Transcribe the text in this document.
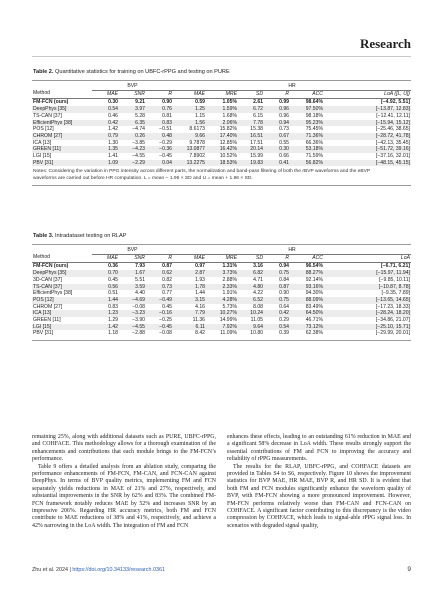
Research
Table 2. Quantitative statistics for training on UBFC-rPPG and testing on PURE
	BVP			HR					
Method	MAE	SNR	R	MAE	MRE	SD	R	ACC	LoA ([L, U])
FM-FCN (ours)	0.30	9.21	0.90	0.59	1.05%	2.61	0.99	98.64%	[−4.92, 5.51]
DeepPhys [35]	0.54	3.97	0.76	1.25	1.59%	6.72	0.96	97.50%	[−13.87, 12.83]
TS-CAN [37]	0.46	5.28	0.81	1.15	1.68%	6.15	0.96	98.18%	[−12.41, 12.11]
EfficientPhys [38]	0.42	6.35	0.83	1.56	2.06%	7.78	0.94	95.23%	[−15.94, 15.12]
POS [12]	1.42	−4.74	−0.51	8.6173	15.82%	15.38	0.73	75.45%	[−25.46, 38.65]
CHROM [27]	0.79	0.26	0.48	9.66	17.40%	16.51	0.67	71.36%	[−28.72, 41.78]
ICA [13]	1.30	−3.85	−0.29	9.7878	12.85%	17.51	0.55	66.36%	[−42.13, 35.45]
GREEN [11]	1.35	−4.23	−0.36	13.0877	16.42%	20.14	0.30	53.18%	[−51.72, 39.16]
LGI [15]	1.41	−4.55	−0.45	7.8902	10.52%	15.99	0.66	71.59%	[−37.16, 32.01]
PBV [31]	1.09	−2.29	0.04	13.2275	18.53%	19.83	0.41	56.82%	[−48.15, 45.15]
Notes: Considering the variation in PPG intensity across different parts, the normalization and band-pass filtering of both the rBVP waveforms and the eBVP
waveforms are carried out before HR computation. L = mean − 1.96 × SD and U = mean + 1.96 × SD.
Table 3. Intradataset testing on RLAP
	BVP			HR					
Method	MAE	SNR	R	MAE	MRE	SD	R	ACC	LoA
FM-FCN (ours)	0.36	7.93	0.87	0.97	1.31%	3.16	0.94	96.54%	[−6.71, 6.21]
DeepPhys [35]	0.70	1.67	0.62	2.87	3.73%	6.82	0.75	88.27%	[−15.97, 11.94]
3D-CAN [37]	0.45	5.51	0.82	1.93	2.88%	4.71	0.84	92.14%	[−9.85, 10.11]
TS-CAN [37]	0.56	3.59	0.73	1.78	2.33%	4.80	0.87	93.16%	[−10.87, 8.78]
EfficientPhys [38]	0.51	4.40	0.77	1.44	1.91%	4.22	0.90	94.30%	[−9.35, 7.89]
POS [12]	1.44	−4.69	−0.49	3.15	4.28%	6.52	0.75	88.09%	[−13.65, 14.65]
CHROM [27]	0.83	−0.08	0.45	4.16	5.73%	8.08	0.64	83.49%	[−17.23, 18.33]
ICA [13]	1.23	−3.23	−0.16	7.79	10.27%	10.24	0.42	64.50%	[−28.24, 18.20]
GREEN [11]	1.29	−3.90	−0.25	11.36	14.99%	11.05	0.29	46.71%	[−34.86, 21.07]
LGI [15]	1.42	−4.55	−0.45	6.11	7.92%	9.64	0.54	73.12%	[−25.10, 15.71]
PBV [31]	1.18	−2.88	−0.08	8.42	11.09%	10.80	0.39	62.38%	[−29.99, 20.01]

remaining 25%, along with additional datasets such as PURE, UBFC-rPPG, and COHFACE. This methodology allows for a thorough examination of the enhancements and contributions that each module brings to the FM-FCN’s performance.

Table 9 offers a detailed analysis from an ablation study, comparing the performance enhancements of FM-FCN, FM-CAN, and FCN-CAN against DeepPhys. In terms of BVP quality metrics, implementing FM and FCN separately yields reductions in MAE of 21% and 27%, respectively, and substantial improvements in the SNR by 62% and 83%. The combined FM-FCN framework notably reduces MAE by 52% and increases SNR by an impressive 206%. Regarding HR accuracy metrics, both FM and FCN contribute to MAE reductions of 38% and 41%, respectively, and achieve a 42% narrowing in the LoA width. The integration of FM and FCN

enhances these effects, leading to an outstanding 61% reduction in MAE and a significant 58% decrease in LoA width. These results strongly support the essential contributions of FM and FCN to improving the accuracy and reliability of rPPG measurements.

The results for the RLAP, UBFC-rPPG, and COHFACE datasets are provided in Tables S4 to S6, respectively. Figure 10 shows the improvement statistics for BVP MAE, HR MAE, BVP R, and HR SD. It is evident that both FM and FCN modules significantly enhance the waveform quality of BVP, with FM-FCN showing a more pronounced improvement. However, FM-FCN performs relatively worse than FM-CAN and FCN-CAN on COHFACE. A significant factor contributing to this discrepancy is the video compression by COHFACE, which leads to signal-able rPPG signal loss. In scenarios with degraded signal quality,

Zhu et al. 2024 | https://doi.org/10.34133/research.0361	9
